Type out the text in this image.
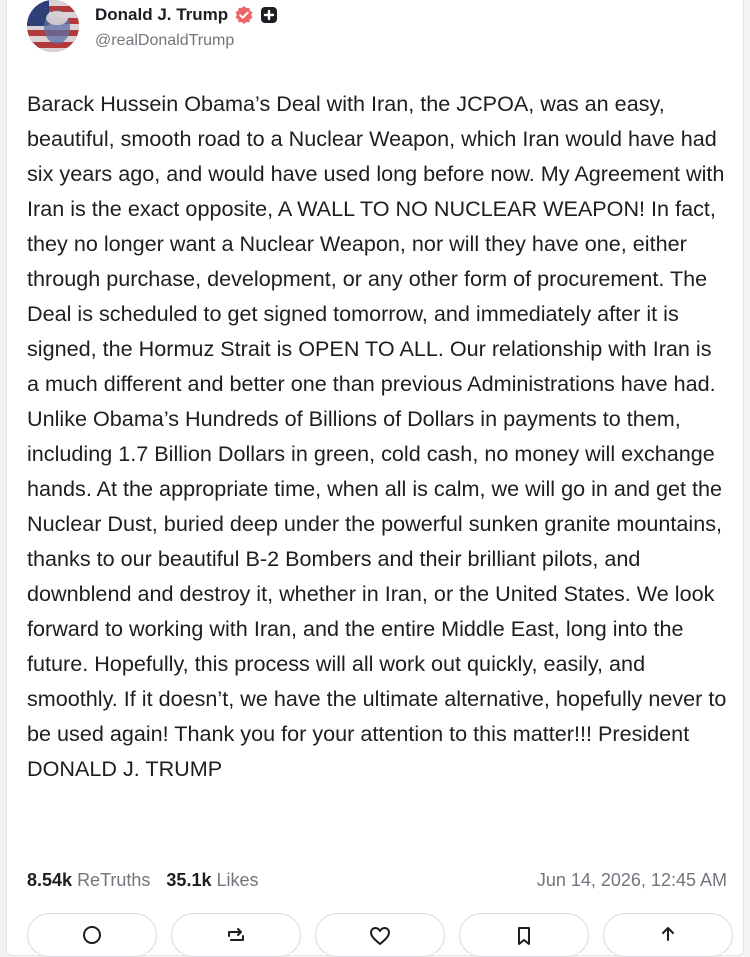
Donald J. Trump
@realDonaldTrump

Barack Hussein Obama’s Deal with Iran, the JCPOA, was an easy, beautiful, smooth road to a Nuclear Weapon, which Iran would have had six years ago, and would have used long before now. My Agreement with Iran is the exact opposite, A WALL TO NO NUCLEAR WEAPON! In fact, they no longer want a Nuclear Weapon, nor will they have one, either through purchase, development, or any other form of procurement. The Deal is scheduled to get signed tomorrow, and immediately after it is signed, the Hormuz Strait is OPEN TO ALL. Our relationship with Iran is a much different and better one than previous Administrations have had. Unlike Obama’s Hundreds of Billions of Dollars in payments to them, including 1.7 Billion Dollars in green, cold cash, no money will exchange hands. At the appropriate time, when all is calm, we will go in and get the Nuclear Dust, buried deep under the powerful sunken granite mountains, thanks to our beautiful B-2 Bombers and their brilliant pilots, and downblend and destroy it, whether in Iran, or the United States. We look forward to working with Iran, and the entire Middle East, long into the future. Hopefully, this process will all work out quickly, easily, and smoothly. If it doesn’t, we have the ultimate alternative, hopefully never to be used again! Thank you for your attention to this matter!!! President DONALD J. TRUMP

8.54k ReTruths 35.1k Likes	Jun 14, 2026, 12:45 AM
